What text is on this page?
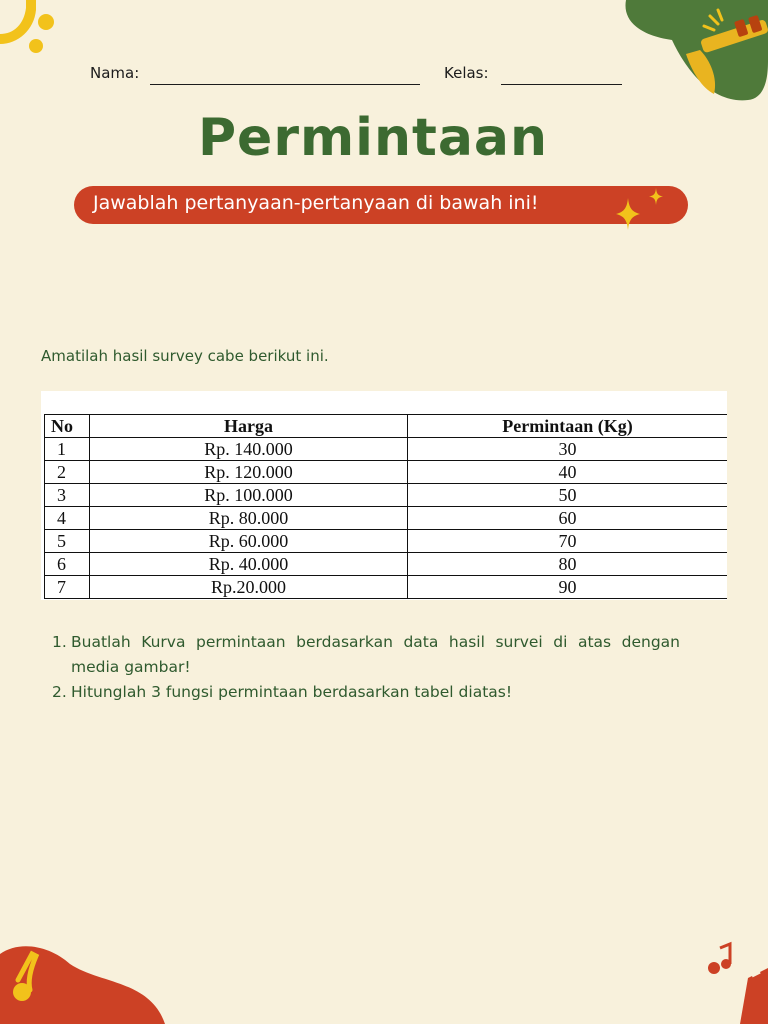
Nama:	Kelas:
Permintaan
Jawablah pertanyaan-pertanyaan di bawah ini!
Amatilah hasil survey cabe berikut ini.
No	Harga	Permintaan (Kg)
1	Rp. 140.000	30
2	Rp. 120.000	40
3	Rp. 100.000	50
4	Rp. 80.000	60
5	Rp. 60.000	70
6	Rp. 40.000	80
7	Rp.20.000	90
1. Buatlah Kurva permintaan berdasarkan data hasil survei di atas dengan media gambar!
2. Hitunglah 3 fungsi permintaan berdasarkan tabel diatas!
